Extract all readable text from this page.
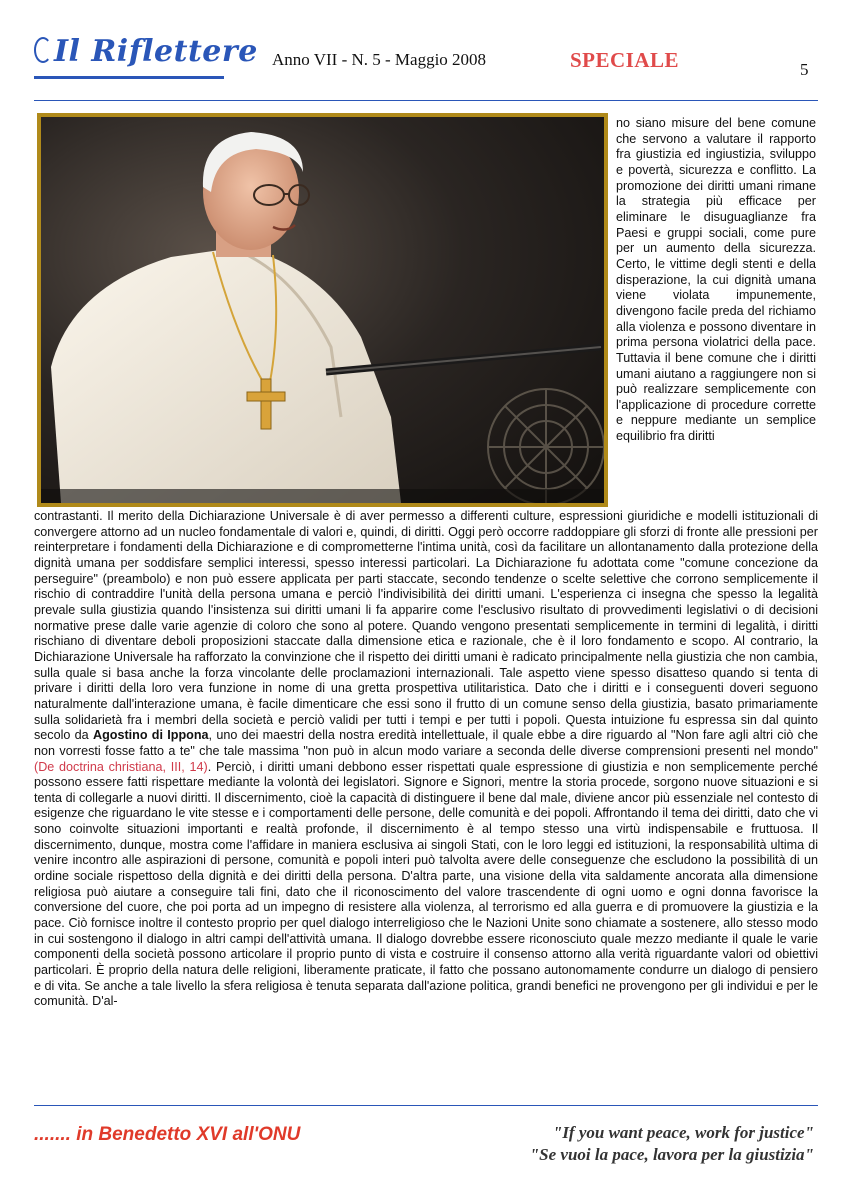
Il Riflettere Anno VII - N. 5 - Maggio 2008	SPECIALE	5
no siano misure del bene comune che servono a valutare il rapporto fra giustizia ed ingiustizia, sviluppo e povertà, sicurezza e conflitto. La promozione dei diritti umani rimane la strategia più efficace per eliminare le disuguaglianze fra Paesi e gruppi sociali, come pure per un aumento della sicurezza. Certo, le vittime degli stenti e della disperazione, la cui dignità umana viene violata impunemente, divengono facile preda del richiamo alla violenza e possono diventare in prima persona violatrici della pace. Tuttavia il bene comune che i diritti umani aiutano a raggiungere non si può realizzare semplicemente con l'applicazione di procedure corrette e neppure mediante un semplice equilibrio fra diritti
contrastanti. Il merito della Dichiarazione Universale è di aver permesso a differenti culture, espressioni giuridiche e modelli istituzionali di convergere attorno ad un nucleo fondamentale di valori e, quindi, di diritti. Oggi però occorre raddoppiare gli sforzi di fronte alle pressioni per reinterpretare i fondamenti della Dichiarazione e di comprometterne l'intima unità, così da facilitare un allontanamento dalla protezione della dignità umana per soddisfare semplici interessi, spesso interessi particolari. La Dichiarazione fu adottata come "comune concezione da perseguire" (preambolo) e non può essere applicata per parti staccate, secondo tendenze o scelte selettive che corrono semplicemente il rischio di contraddire l'unità della persona umana e perciò l'indivisibilità dei diritti umani. L'esperienza ci insegna che spesso la legalità prevale sulla giustizia quando l'insistenza sui diritti umani li fa apparire come l'esclusivo risultato di provvedimenti legislativi o di decisioni normative prese dalle varie agenzie di coloro che sono al potere. Quando vengono presentati semplicemente in termini di legalità, i diritti rischiano di diventare deboli proposizioni staccate dalla dimensione etica e razionale, che è il loro fondamento e scopo. Al contrario, la Dichiarazione Universale ha rafforzato la convinzione che il rispetto dei diritti umani è radicato principalmente nella giustizia che non cambia, sulla quale si basa anche la forza vincolante delle proclamazioni internazionali. Tale aspetto viene spesso disatteso quando si tenta di privare i diritti della loro vera funzione in nome di una gretta prospettiva utilitaristica. Dato che i diritti e i conseguenti doveri seguono naturalmente dall'interazione umana, è facile dimenticare che essi sono il frutto di un comune senso della giustizia, basato primariamente sulla solidarietà fra i membri della società e perciò validi per tutti i tempi e per tutti i popoli. Questa intuizione fu espressa sin dal quinto secolo da Agostino di Ippona, uno dei maestri della nostra eredità intellettuale, il quale ebbe a dire riguardo al "Non fare agli altri ciò che non vorresti fosse fatto a te" che tale massima "non può in alcun modo variare a seconda delle diverse comprensioni presenti nel mondo" (De doctrina christiana, III, 14). Perciò, i diritti umani debbono esser rispettati quale espressione di giustizia e non semplicemente perché possono essere fatti rispettare mediante la volontà dei legislatori. Signore e Signori, mentre la storia procede, sorgono nuove situazioni e si tenta di collegarle a nuovi diritti. Il discernimento, cioè la capacità di distinguere il bene dal male, diviene ancor più essenziale nel contesto di esigenze che riguardano le vite stesse e i comportamenti delle persone, delle comunità e dei popoli. Affrontando il tema dei diritti, dato che vi sono coinvolte situazioni importanti e realtà profonde, il discernimento è al tempo stesso una virtù indispensabile e fruttuosa. Il discernimento, dunque, mostra come l'affidare in maniera esclusiva ai singoli Stati, con le loro leggi ed istituzioni, la responsabilità ultima di venire incontro alle aspirazioni di persone, comunità e popoli interi può talvolta avere delle conseguenze che escludono la possibilità di un ordine sociale rispettoso della dignità e dei diritti della persona. D'altra parte, una visione della vita saldamente ancorata alla dimensione religiosa può aiutare a conseguire tali fini, dato che il riconoscimento del valore trascendente di ogni uomo e ogni donna favorisce la conversione del cuore, che poi porta ad un impegno di resistere alla violenza, al terrorismo ed alla guerra e di promuovere la giustizia e la pace. Ciò fornisce inoltre il contesto proprio per quel dialogo interreligioso che le Nazioni Unite sono chiamate a sostenere, allo stesso modo in cui sostengono il dialogo in altri campi dell'attività umana. Il dialogo dovrebbe essere riconosciuto quale mezzo mediante il quale le varie componenti della società possono articolare il proprio punto di vista e costruire il consenso attorno alla verità riguardante valori od obiettivi particolari. È proprio della natura delle religioni, liberamente praticate, il fatto che possano autonomamente condurre un dialogo di pensiero e di vita. Se anche a tale livello la sfera religiosa è tenuta separata dall'azione politica, grandi benefici ne provengono per gli individui e per le comunità. D'al-
....... in Benedetto XVI all'ONU	"If you want peace, work for justice"
"Se vuoi la pace, lavora per la giustizia"
